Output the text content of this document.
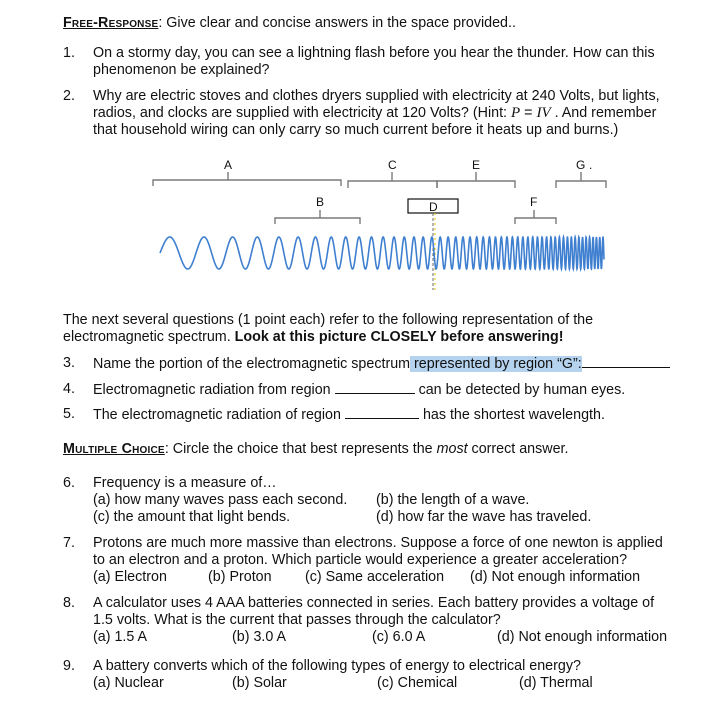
Free-Response: Give clear and concise answers in the space provided..
1. On a stormy day, you can see a lightning flash before you hear the thunder. How can this
phenomenon be explained?
2. Why are electric stoves and clothes dryers supplied with electricity at 240 Volts, but lights,
radios, and clocks are supplied with electricity at 120 Volts? (Hint: P = IV . And remember
that household wiring can only carry so much current before it heats up and burns.)
A
B
C
D
E
F
G .
The next several questions (1 point each) refer to the following representation of the
electromagnetic spectrum. Look at this picture CLOSELY before answering!
3. Name the portion of the electromagnetic spectrum represented by region “G”:
4. Electromagnetic radiation from region	can be detected by human eyes.
5. The electromagnetic radiation of region	has the shortest wavelength.
Multiple Choice: Circle the choice that best represents the most correct answer.
6. Frequency is a measure of…
(a) how many waves pass each second. (b) the length of a wave.
(c) the amount that light bends.	(d) how far the wave has traveled.
7. Protons are much more massive than electrons. Suppose a force of one newton is applied
to an electron and a proton. Which particle would experience a greater acceleration?
(a) Electron	(b) Proton (c) Same acceleration (d) Not enough information
8. A calculator uses 4 AAA batteries connected in series. Each battery provides a voltage of
1.5 volts. What is the current that passes through the calculator?
(a) 1.5 A	(b) 3.0 A	(c) 6.0 A	(d) Not enough information
9. A battery converts which of the following types of energy to electrical energy?
(a) Nuclear	(b) Solar	(c) Chemical	(d) Thermal
